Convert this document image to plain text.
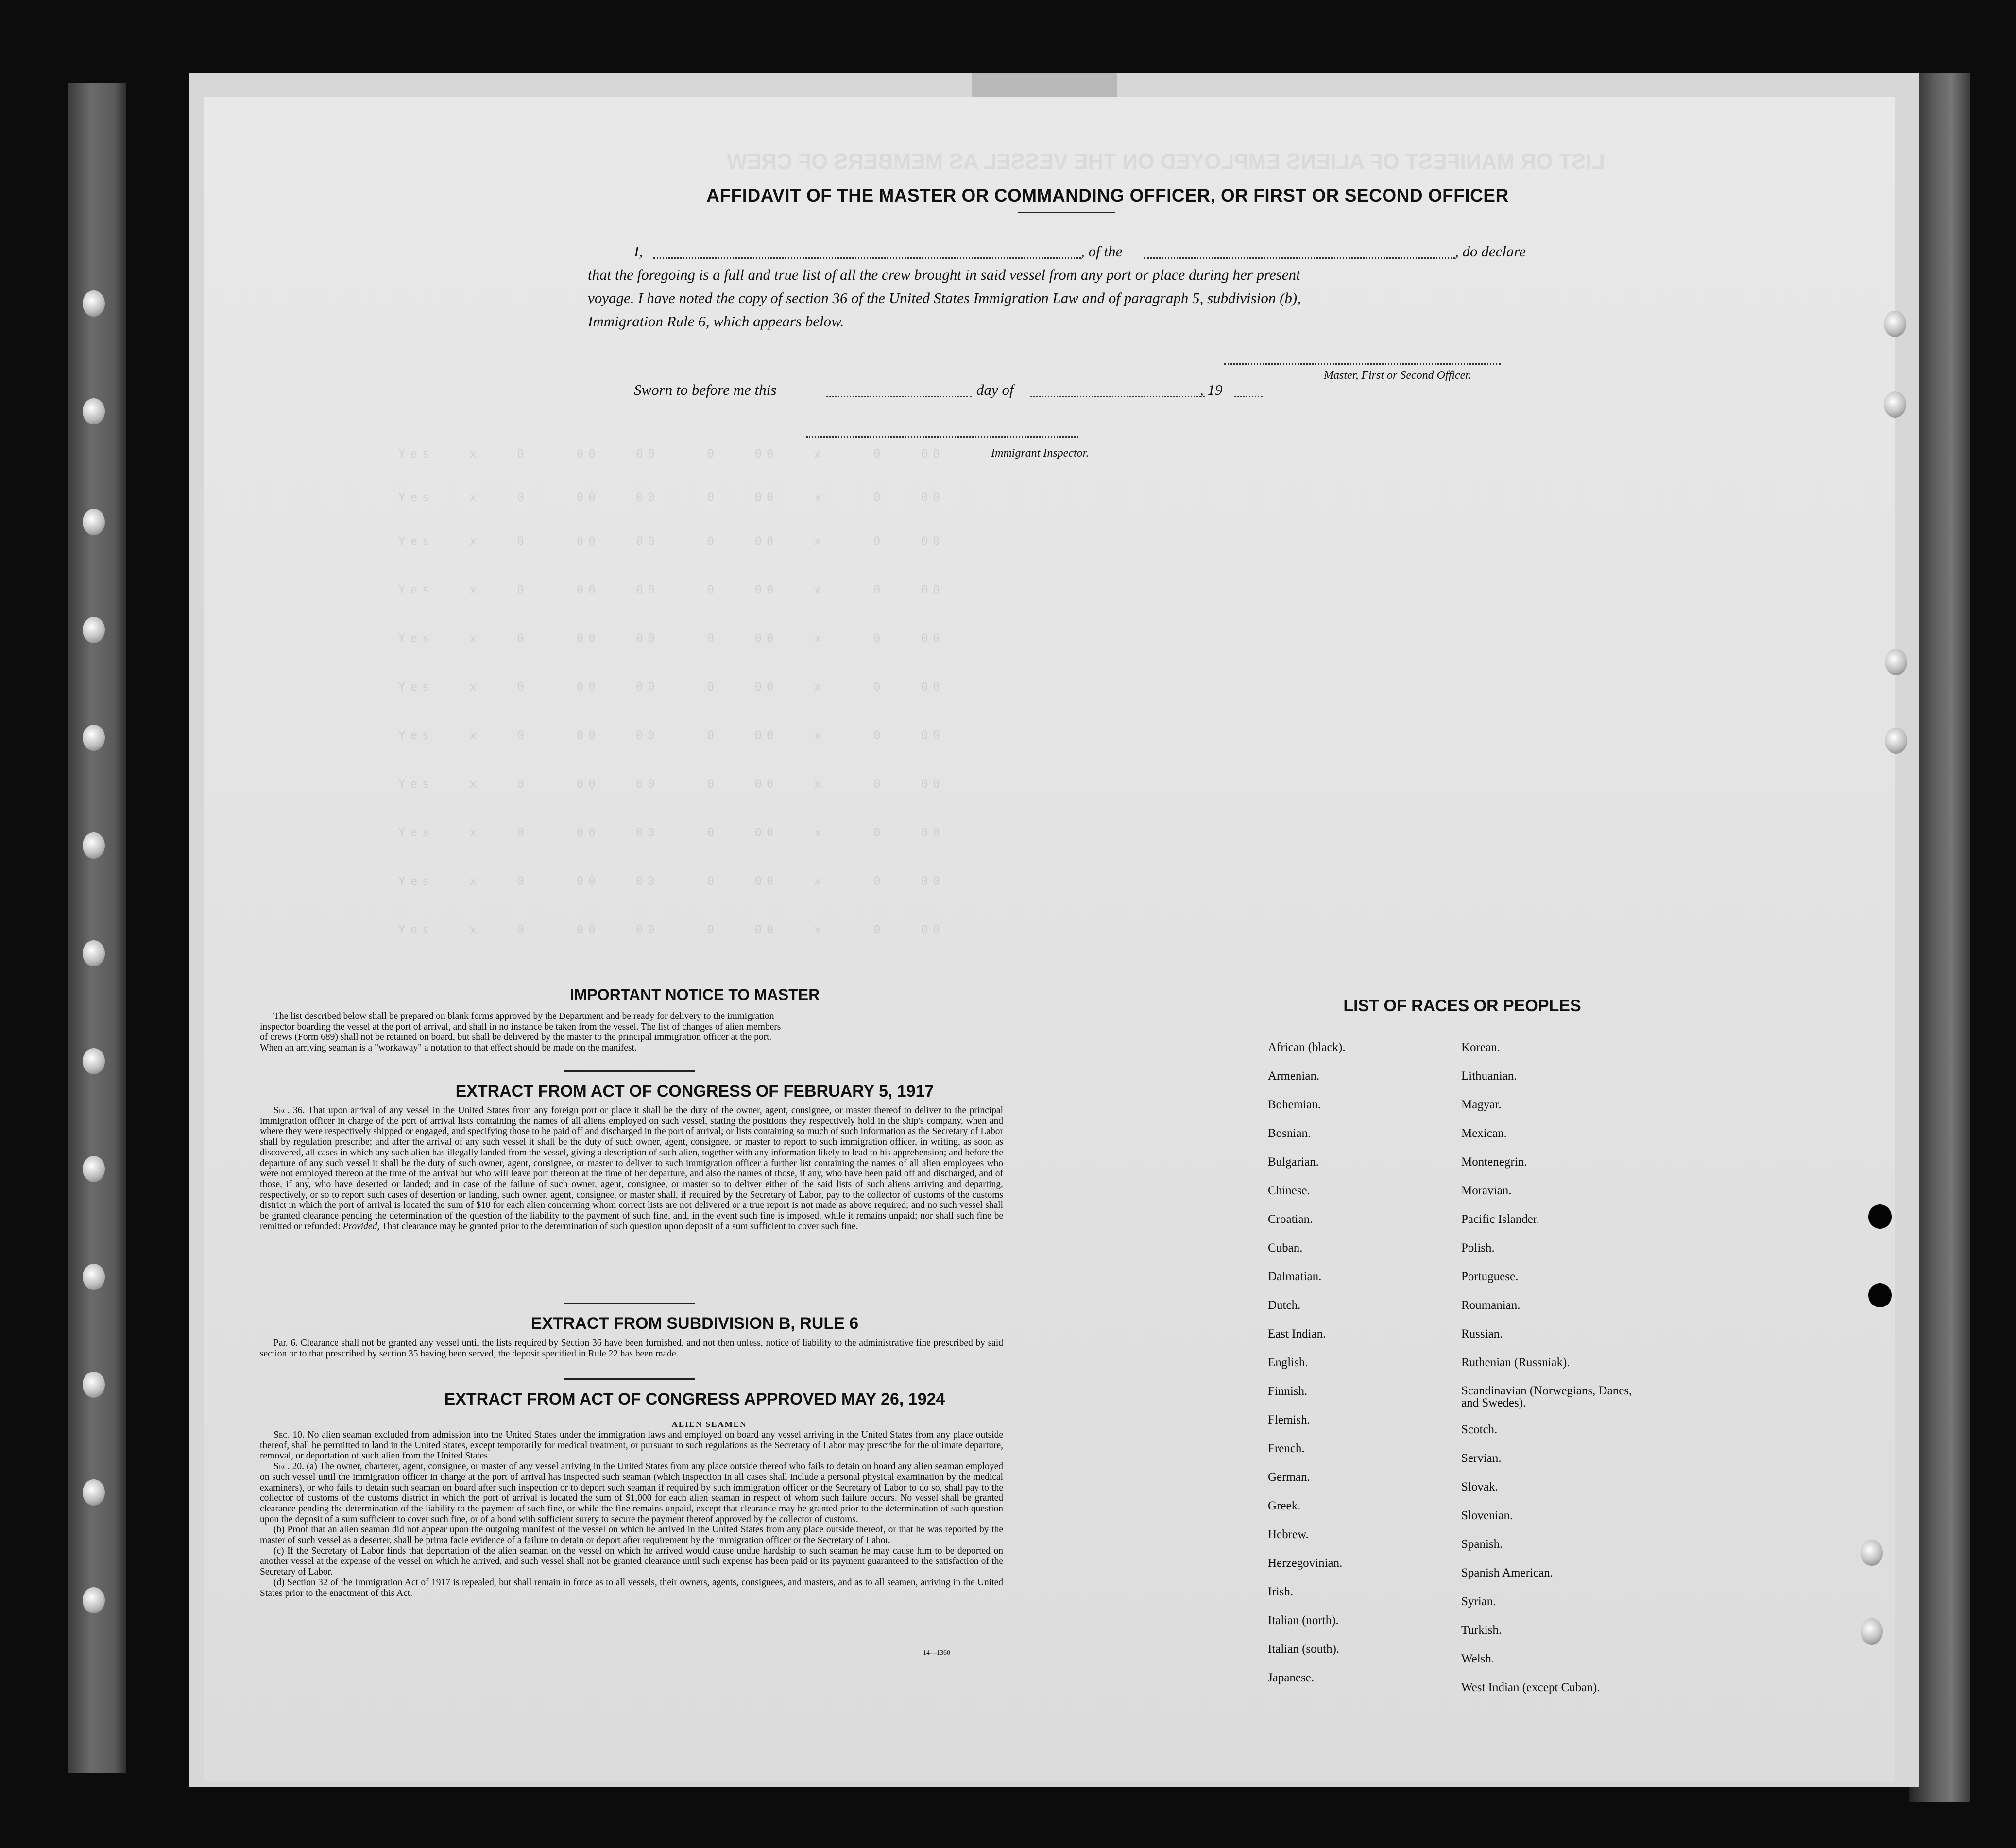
LIST OR MANIFEST OF ALIENS EMPLOYED ON THE VESSEL AS MEMBERS OF CREW
Yes   x   0    00   00    0   00   x    0   00
Yes   x   0    00   00    0   00   x    0   00
Yes   x   0    00   00    0   00   x    0   00
Yes   x   0    00   00    0   00   x    0   00
Yes   x   0    00   00    0   00   x    0   00
Yes   x   0    00   00    0   00   x    0   00
Yes   x   0    00   00    0   00   x    0   00
Yes   x   0    00   00    0   00   x    0   00
Yes   x   0    00   00    0   00   x    0   00
Yes   x   0    00   00    0   00   x    0   00
Yes   x   0    00   00    0   00   x    0   00
AFFIDAVIT OF THE MASTER OR COMMANDING OFFICER, OR FIRST OR SECOND OFFICER
I,	, of the	, do declare
that the foregoing is a full and true list of all the crew brought in said vessel from any port or place during her present
voyage. I have noted the copy of section 36 of the United States Immigration Law and of paragraph 5, subdivision (b),
Immigration Rule 6, which appears below.
Master, First or Second Officer.
Sworn to before me this	day of	, 19
Immigrant Inspector.
IMPORTANT NOTICE TO MASTER

The list described below shall be prepared on blank forms approved by the Department and be ready for delivery to the immigration

inspector boarding the vessel at the port of arrival, and shall in no instance be taken from the vessel. The list of changes of alien members
of crews (Form 689) shall not be retained on board, but shall be delivered by the master to the principal immigration officer at the port.
When an arriving seaman is a "workaway" a notation to that effect should be made on the manifest.
EXTRACT FROM ACT OF CONGRESS OF FEBRUARY 5, 1917

Sec. 36. That upon arrival of any vessel in the United States from any foreign port or place it shall be the duty of the owner, agent, consignee, or master thereof to deliver to the principal immigration officer in charge of the port of arrival lists containing the names of all aliens employed on such vessel, stating the positions they respectively hold in the ship's company, when and where they were respectively shipped or engaged, and specifying those to be paid off and discharged in the port of arrival; or lists containing so much of such information as the Secretary of Labor shall by regulation prescribe; and after the arrival of any such vessel it shall be the duty of such owner, agent, consignee, or master to report to such immigration officer, in writing, as soon as discovered, all cases in which any such alien has illegally landed from the vessel, giving a description of such alien, together with any information likely to lead to his apprehension; and before the departure of any such vessel it shall be the duty of such owner, agent, consignee, or master to deliver to such immigration officer a further list containing the names of all alien employees who were not employed thereon at the time of the arrival but who will leave port thereon at the time of her departure, and also the names of those, if any, who have been paid off and discharged, and of those, if any, who have deserted or landed; and in case of the failure of such owner, agent, consignee, or master so to deliver either of the said lists of such aliens arriving and departing, respectively, or so to report such cases of desertion or landing, such owner, agent, consignee, or master shall, if required by the Secretary of Labor, pay to the collector of customs of the customs district in which the port of arrival is located the sum of $10 for each alien concerning whom correct lists are not delivered or a true report is not made as above required; and no such vessel shall be granted clearance pending the determination of the question of the liability to the payment of such fine, and, in the event such fine is imposed, while it remains unpaid; nor shall such fine be remitted or refunded: Provided, That clearance may be granted prior to the determination of such question upon deposit of a sum sufficient to cover such fine.

EXTRACT FROM SUBDIVISION B, RULE 6

Par. 6. Clearance shall not be granted any vessel until the lists required by Section 36 have been furnished, and not then unless, notice of liability to the administrative fine prescribed by said section or to that prescribed by section 35 having been served, the deposit specified in Rule 22 has been made.

EXTRACT FROM ACT OF CONGRESS APPROVED MAY 26, 1924
ALIEN SEAMEN

Sec. 10. No alien seaman excluded from admission into the United States under the immigration laws and employed on board any vessel arriving in the United States from any place outside thereof, shall be permitted to land in the United States, except temporarily for medical treatment, or pursuant to such regulations as the Secretary of Labor may prescribe for the ultimate departure, removal, or deportation of such alien from the United States.

Sec. 20. (a) The owner, charterer, agent, consignee, or master of any vessel arriving in the United States from any place outside thereof who fails to detain on board any alien seaman employed on such vessel until the immigration officer in charge at the port of arrival has inspected such seaman (which inspection in all cases shall include a personal physical examination by the medical examiners), or who fails to detain such seaman on board after such inspection or to deport such seaman if required by such immigration officer or the Secretary of Labor to do so, shall pay to the collector of customs of the customs district in which the port of arrival is located the sum of $1,000 for each alien seaman in respect of whom such failure occurs. No vessel shall be granted clearance pending the determination of the liability to the payment of such fine, or while the fine remains unpaid, except that clearance may be granted prior to the determination of such question upon the deposit of a sum sufficient to cover such fine, or of a bond with sufficient surety to secure the payment thereof approved by the collector of customs.

(b) Proof that an alien seaman did not appear upon the outgoing manifest of the vessel on which he arrived in the United States from any place outside thereof, or that he was reported by the master of such vessel as a deserter, shall be prima facie evidence of a failure to detain or deport after requirement by the immigration officer or the Secretary of Labor.

(c) If the Secretary of Labor finds that deportation of the alien seaman on the vessel on which he arrived would cause undue hardship to such seaman he may cause him to be deported on another vessel at the expense of the vessel on which he arrived, and such vessel shall not be granted clearance until such expense has been paid or its payment guaranteed to the satisfaction of the Secretary of Labor.

(d) Section 32 of the Immigration Act of 1917 is repealed, but shall remain in force as to all vessels, their owners, agents, consignees, and masters, and as to all seamen, arriving in the United States prior to the enactment of this Act.

14—1360
LIST OF RACES OR PEOPLES
African (black).
Armenian.
Bohemian.
Bosnian.
Bulgarian.
Chinese.
Croatian.
Cuban.
Dalmatian.
Dutch.
East Indian.
English.
Finnish.
Flemish.
French.
German.
Greek.
Hebrew.
Herzegovinian.
Irish.
Italian (north).
Italian (south).
Japanese.
Korean.
Lithuanian.
Magyar.
Mexican.
Montenegrin.
Moravian.
Pacific Islander.
Polish.
Portuguese.
Roumanian.
Russian.
Ruthenian (Russniak).
Scandinavian (Norwegians, Danes, and Swedes).
Scotch.
Servian.
Slovak.
Slovenian.
Spanish.
Spanish American.
Syrian.
Turkish.
Welsh.
West Indian (except Cuban).
